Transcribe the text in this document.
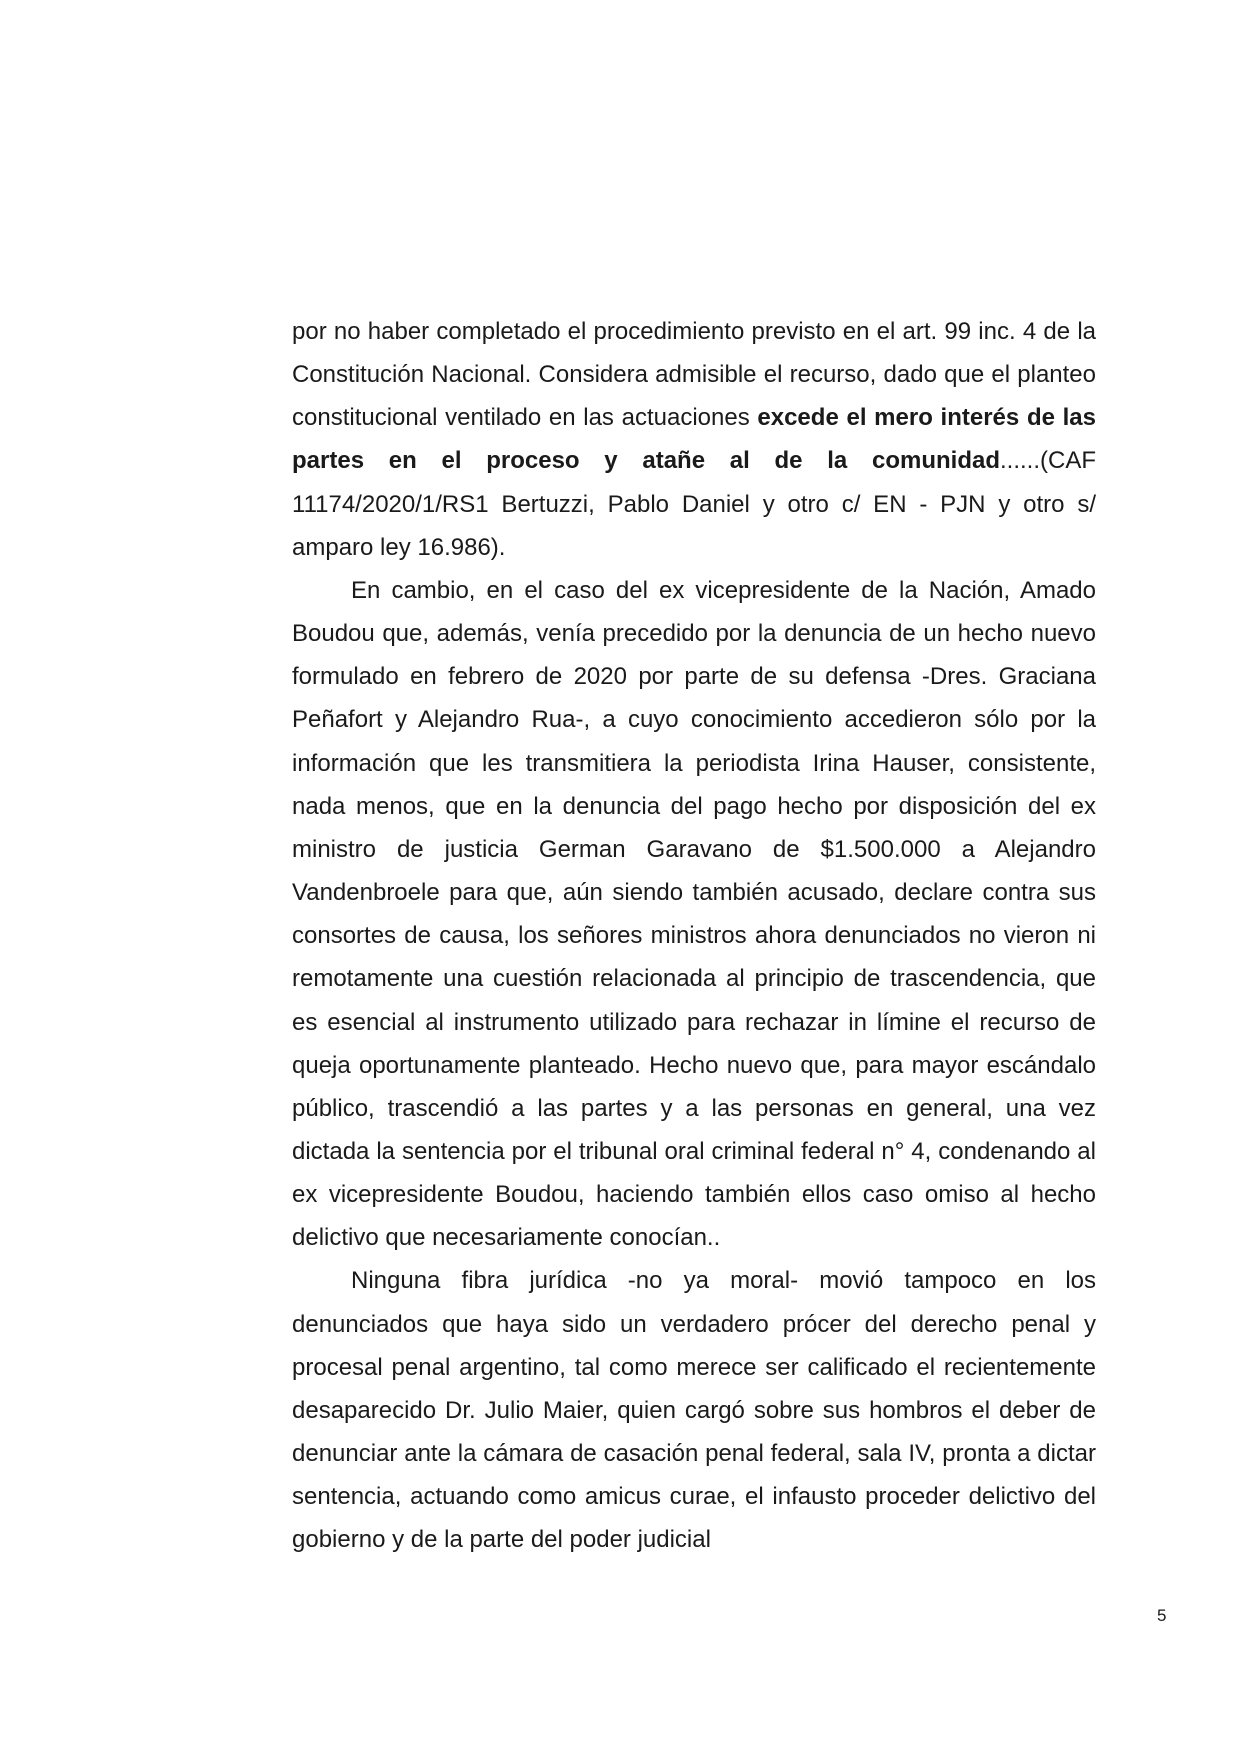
por no haber completado el procedimiento previsto en el art. 99 inc. 4 de la Constitución Nacional. Considera admisible el recurso, dado que el planteo constitucional ventilado en las actuaciones excede el mero interés de las partes en el proceso y atañe al de la comunidad......(CAF 11174/2020/1/RS1 Bertuzzi, Pablo Daniel y otro c/ EN - PJN y otro s/ amparo ley 16.986).

En cambio, en el caso del ex vicepresidente de la Nación, Amado Boudou que, además, venía precedido por la denuncia de un hecho nuevo formulado en febrero de 2020 por parte de su defensa -Dres. Graciana Peñafort y Alejandro Rua-, a cuyo conocimiento accedieron sólo por la información que les transmitiera la periodista Irina Hauser, consistente, nada menos, que en la denuncia del pago hecho por disposición del ex ministro de justicia German Garavano de $1.500.000 a Alejandro Vandenbroele para que, aún siendo también acusado, declare contra sus consortes de causa, los señores ministros ahora denunciados no vieron ni remotamente una cuestión relacionada al principio de trascendencia, que es esencial al instrumento utilizado para rechazar in límine el recurso de queja oportunamente planteado. Hecho nuevo que, para mayor escándalo público, trascendió a las partes y a las personas en general, una vez dictada la sentencia por el tribunal oral criminal federal n° 4, condenando al ex vicepresidente Boudou, haciendo también ellos caso omiso al hecho delictivo que necesariamente conocían..

Ninguna fibra jurídica -no ya moral- movió tampoco en los denunciados que haya sido un verdadero prócer del derecho penal y procesal penal argentino, tal como merece ser calificado el recientemente desaparecido Dr. Julio Maier, quien cargó sobre sus hombros el deber de denunciar ante la cámara de casación penal federal, sala IV, pronta a dictar sentencia, actuando como amicus curae, el infausto proceder delictivo del gobierno y de la parte del poder judicial

5
